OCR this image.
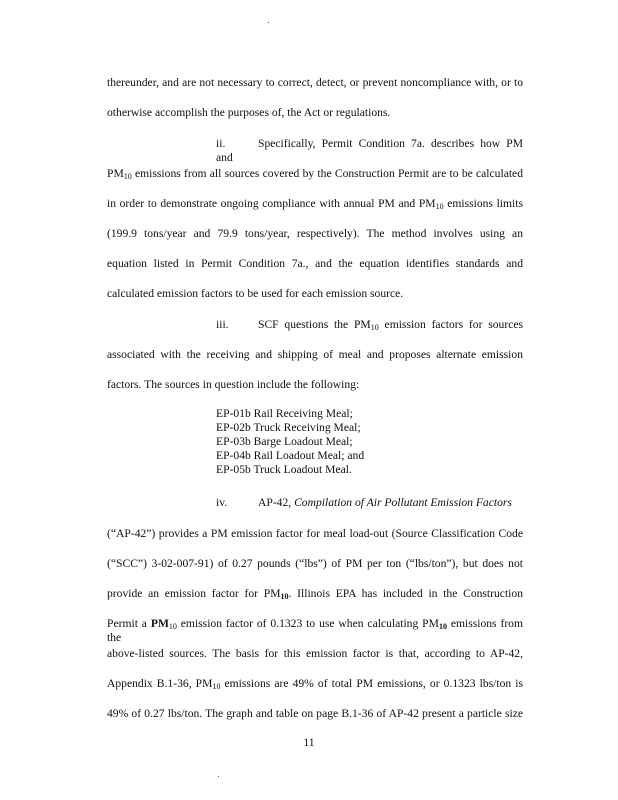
thereunder, and are not necessary to correct, detect, or prevent noncompliance with, or to
otherwise accomplish the purposes of, the Act or regulations.
ii.	Specifically, Permit Condition 7a. describes how PM and
$PM_{10}$ emissions from all sources covered by the Construction Permit are to be calculated
in order to demonstrate ongoing compliance with annual PM and $PM_{10}$ emissions limits
(199.9 tons/year and 79.9 tons/year, respectively). The method involves using an
equation listed in Permit Condition 7a., and the equation identifies standards and
calculated emission factors to be used for each emission source.
iii.	SCF questions the $PM_{10}$ emission factors for sources
associated with the receiving and shipping of meal and proposes alternate emission
factors. The sources in question include the following:
EP-01b Rail Receiving Meal;
EP-02b Truck Receiving Meal;
EP-03b Barge Loadout Meal;
EP-04b Rail Loadout Meal; and
EP-05b Truck Loadout Meal.
iv.	AP-42, Compilation of Air Pollutant Emission Factors
(“AP-42”) provides a PM emission factor for meal load-out (Source Classification Code
(“SCC”) 3-02-007-91) of 0.27 pounds (“lbs”) of PM per ton (“lbs/ton”), but does not
provide an emission factor for $PM_{10}$. Illinois EPA has included in the Construction
Permit a $PM_{10}$ emission factor of 0.1323 to use when calculating $PM_{10}$ emissions from the
above-listed sources. The basis for this emission factor is that, according to AP-42,
Appendix B.1-36, $PM_{10}$ emissions are 49% of total PM emissions, or 0.1323 lbs/ton is
49% of 0.27 lbs/ton. The graph and table on page B.1-36 of AP-42 present a particle size
11
